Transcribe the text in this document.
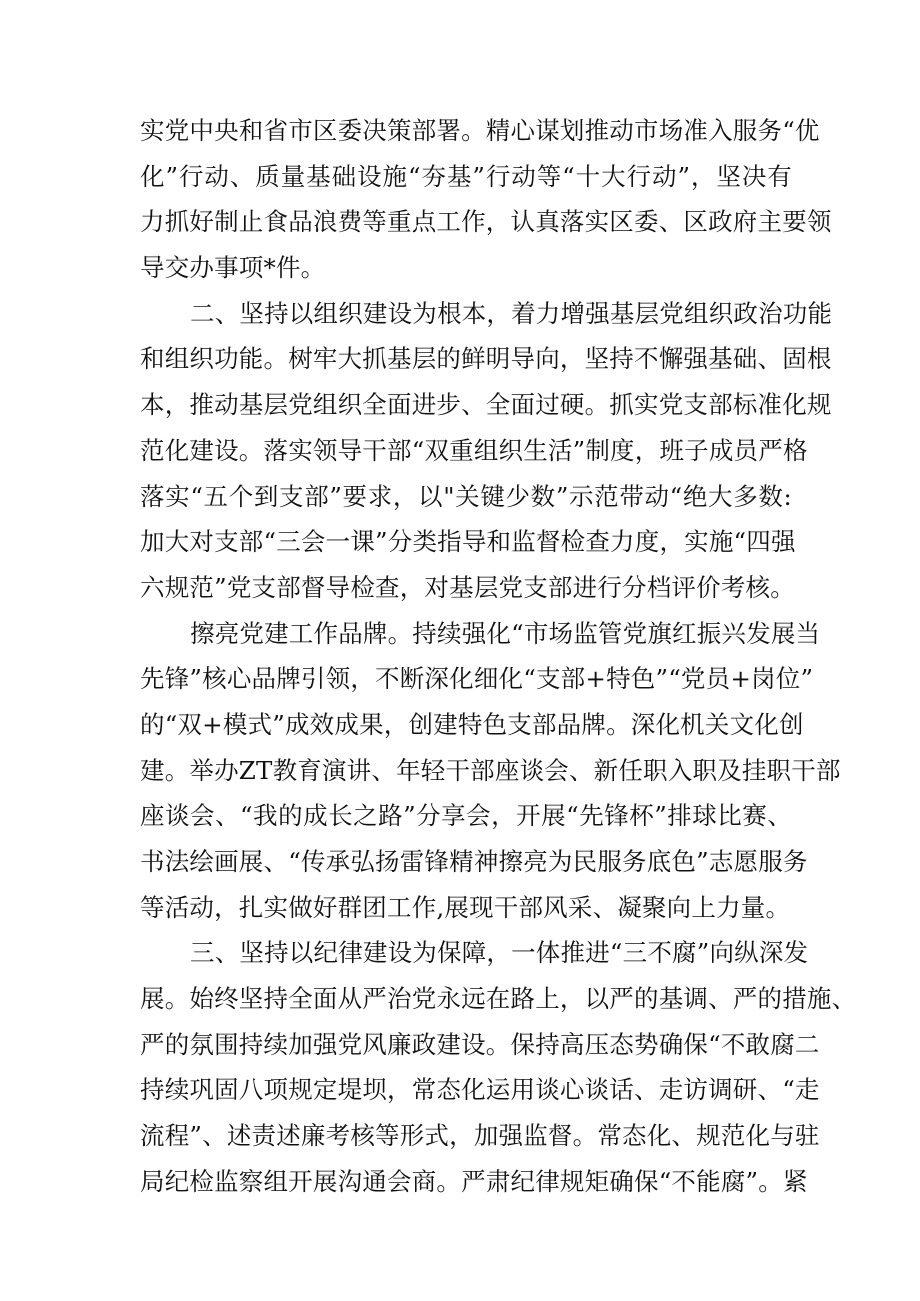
实党中央和省市区委决策部署。精心谋划推动市场准入服务“优
化”行动、质量基础设施“夯基”行动等“十大行动”，坚决有
力抓好制止食品浪费等重点工作，认真落实区委、区政府主要领
导交办事项*件。
二、坚持以组织建设为根本，着力增强基层党组织政治功能
和组织功能。树牢大抓基层的鲜明导向，坚持不懈强基础、固根
本，推动基层党组织全面进步、全面过硬。抓实党支部标准化规
范化建设。落实领导干部“双重组织生活”制度，班子成员严格
落实“五个到支部”要求，以"关键少数”示范带动“绝大多数:
加大对支部“三会一课”分类指导和监督检查力度，实施“四强
六规范”党支部督导检查，对基层党支部进行分档评价考核。
擦亮党建工作品牌。持续强化“市场监管党旗红振兴发展当
先锋”核心品牌引领，不断深化细化“支部+特色”“党员+岗位”
的“双+模式”成效成果，创建特色支部品牌。深化机关文化创
建。举办ZT教育演讲、年轻干部座谈会、新任职入职及挂职干部
座谈会、“我的成长之路”分享会，开展“先锋杯”排球比赛、
书法绘画展、“传承弘扬雷锋精神擦亮为民服务底色”志愿服务
等活动，扎实做好群团工作,展现干部风采、凝聚向上力量。
三、坚持以纪律建设为保障，一体推进“三不腐”向纵深发
展。始终坚持全面从严治党永远在路上，以严的基调、严的措施、
严的氛围持续加强党风廉政建设。保持高压态势确保“不敢腐二
持续巩固八项规定堤坝，常态化运用谈心谈话、走访调研、“走
流程”、述责述廉考核等形式，加强监督。常态化、规范化与驻
局纪检监察组开展沟通会商。严肃纪律规矩确保“不能腐”。紧
